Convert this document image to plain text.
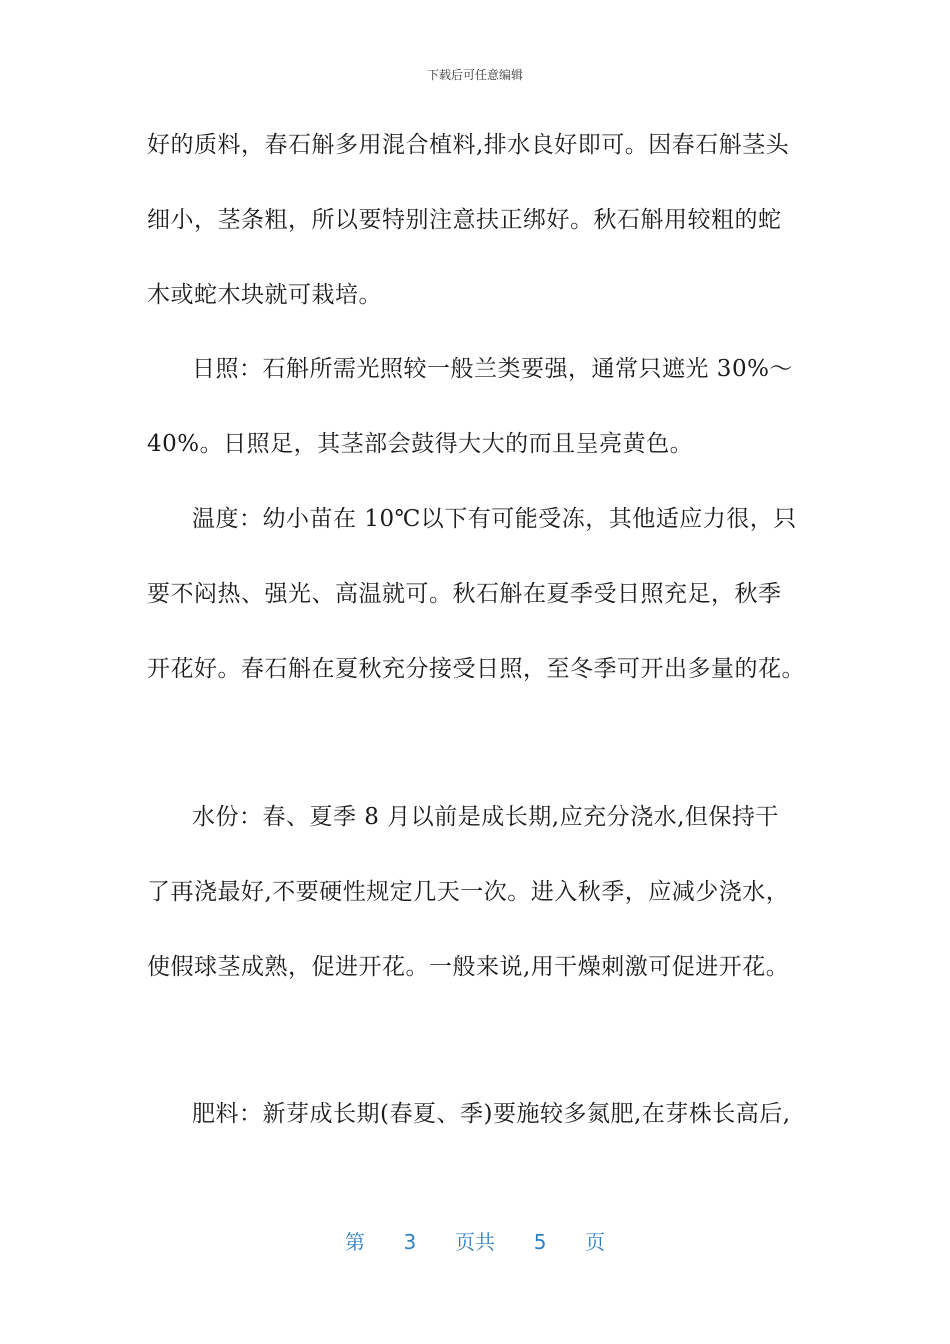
下载后可任意编辑
好的质料，春石斛多用混合植料,排水良好即可。因春石斛茎头
细小，茎条粗，所以要特别注意扶正绑好。秋石斛用较粗的蛇
木或蛇木块就可栽培。
日照：石斛所需光照较一般兰类要强，通常只遮光 30%～
40%。日照足，其茎部会鼓得大大的而且呈亮黄色。
温度：幼小苗在 10℃以下有可能受冻，其他适应力很，只
要不闷热、强光、高温就可。秋石斛在夏季受日照充足，秋季
开花好。春石斛在夏秋充分接受日照，至冬季可开出多量的花。
水份：春、夏季 8 月以前是成长期,应充分浇水,但保持干
了再浇最好,不要硬性规定几天一次。进入秋季，应减少浇水，
使假球茎成熟，促进开花。一般来说,用干燥刺激可促进开花。
肥料：新芽成长期(春夏、季)要施较多氮肥,在芽株长高后,
第 3 页共 5 页
